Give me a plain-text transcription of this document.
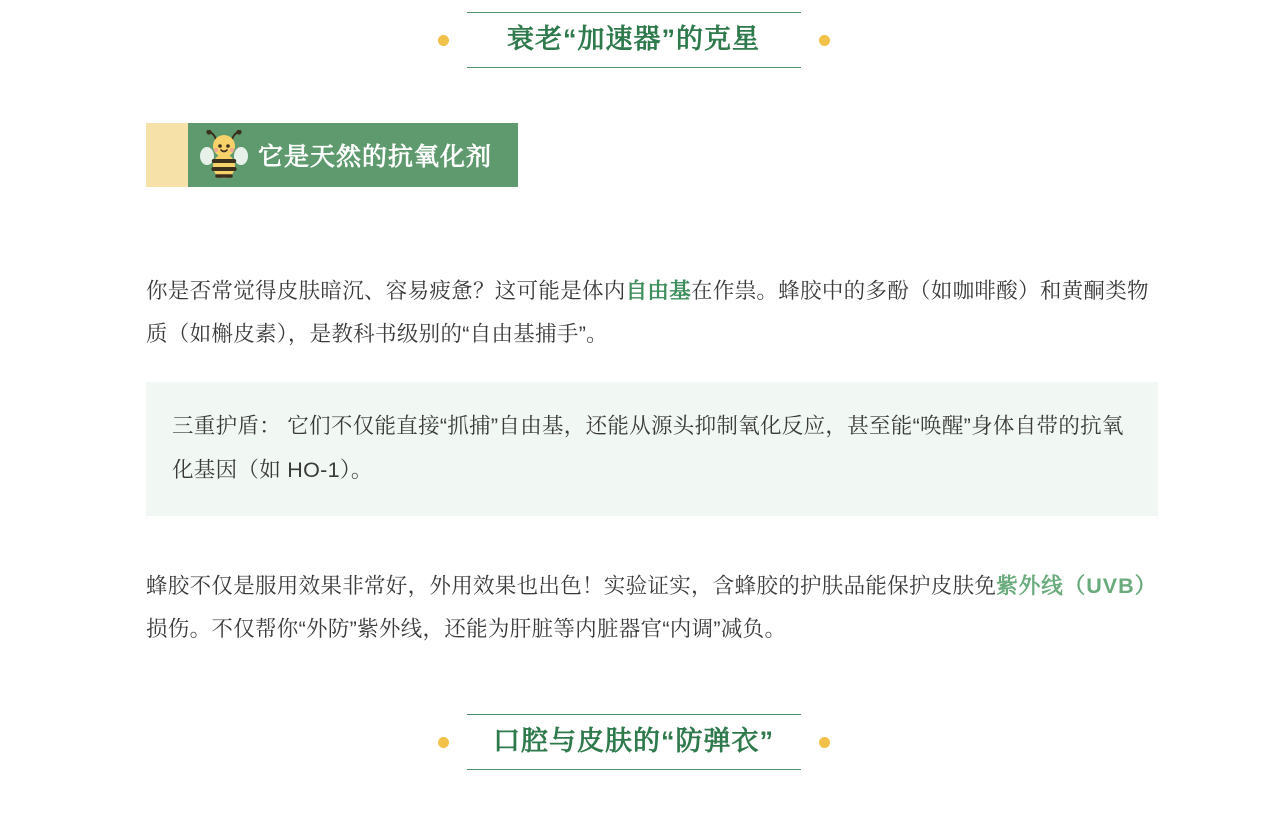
衰老“加速器”的克星
它是天然的抗氧化剂

你是否常觉得皮肤暗沉、容易疲惫？这可能是体内自由基在作祟。蜂胶中的多酚（如咖啡酸）和黄酮类物质（如槲皮素），是教科书级别的“自由基捕手”。

三重护盾： 它们不仅能直接“抓捕”自由基，还能从源头抑制氧化反应，甚至能“唤醒”身体自带的抗氧化基因（如 HO-1）。

蜂胶不仅是服用效果非常好，外用效果也出色！实验证实，含蜂胶的护肤品能保护皮肤免紫外线（UVB）损伤。不仅帮你“外防”紫外线，还能为肝脏等内脏器官“内调”减负。

口腔与皮肤的“防弹衣”
